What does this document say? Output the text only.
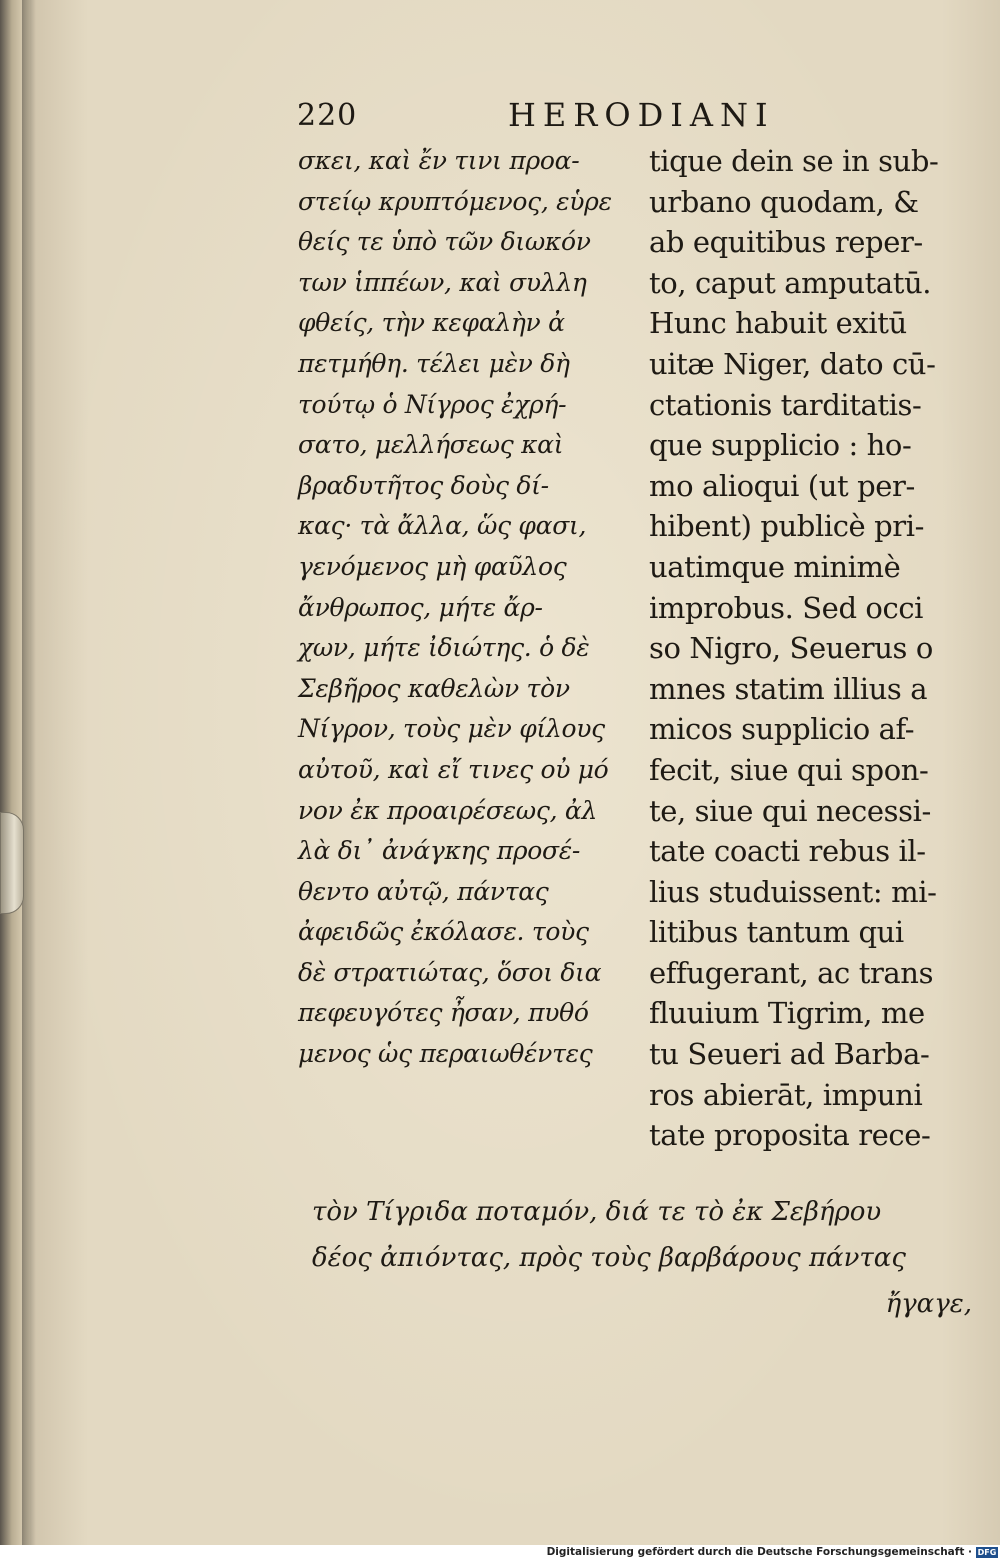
220	HERODIANI
σκει, καὶ ἔν τινι προα-
στείῳ κρυπτόμενος, εὑρε
θείς τε ὑπὸ τῶν διωκόν
των ἱππέων, καὶ συλλη
φθείς, τὴν κεφαλὴν ἀ
πετμήθη. τέλει μὲν δὴ
τούτῳ ὁ Νίγρος ἐχρή-
σατο, μελλήσεως καὶ
βραδυτῆτος δοὺς δί-
κας· τὰ ἄλλα, ὥς φασι,
γενόμενος μὴ φαῦλος
ἄνθρωπος, μήτε ἄρ-
χων, μήτε ἰδιώτης. ὁ δὲ
Σεβῆρος καθελὼν τὸν
Νίγρον, τοὺς μὲν φίλους
αὐτοῦ, καὶ εἴ τινες οὐ μό
νον ἐκ προαιρέσεως, ἀλ
λὰ δι᾽ ἀνάγκης προσέ-
θεντο αὐτῷ, πάντας
ἀφειδῶς ἐκόλασε. τοὺς
δὲ στρατιώτας, ὅσοι δια
πεφευγότες ἦσαν, πυθό
μενος ὡς περαιωθέντες
tique dein se in sub-
urbano quodam, &
ab equitibus reper-
to, caput amputatū.
Hunc habuit exitū
uitæ Niger, dato cū-
ctationis tarditatis-
que supplicio : ho-
mo alioqui (ut per-
hibent) publicè pri-
uatimque minimè
improbus. Sed occi
so Nigro, Seuerus o
mnes statim illius a
micos supplicio af-
fecit, siue qui spon-
te, siue qui necessi-
tate coacti rebus il-
lius studuissent: mi-
litibus tantum qui
effugerant, ac trans
fluuium Tigrim, me
tu Seueri ad Barba-
ros abierāt, impuni
tate proposita rece-
τὸν Τίγριδα ποταμόν, διά τε τὸ ἐκ Σεβήρου
δέος ἀπιόντας, πρὸς τοὺς βαρβάρους πάντας
ἤγαγε,
Digitalisierung gefördert durch die Deutsche Forschungsgemeinschaft · DFG
